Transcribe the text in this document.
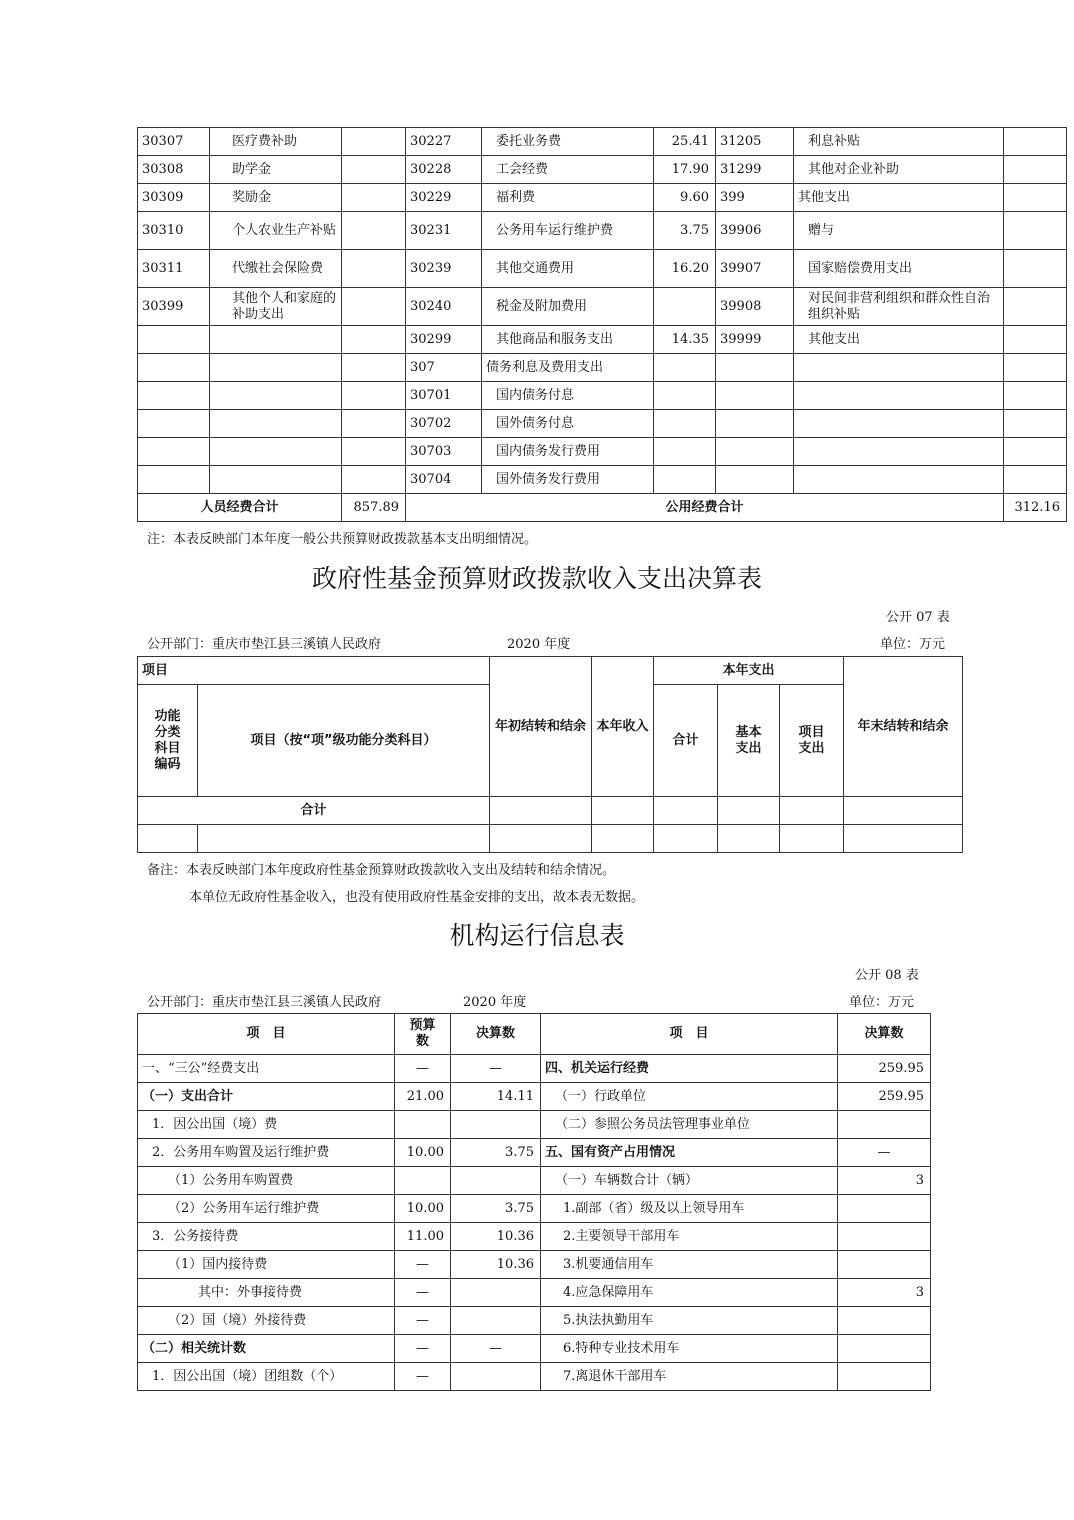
30307	医疗费补助		30227	委托业务费	25.41	31205	利息补贴	
30308	助学金		30228	工会经费	17.90	31299	其他对企业补助	
30309	奖励金		30229	福利费	9.60	399	其他支出	
30310	个人农业生产补贴		30231	公务用车运行维护费	3.75	39906	赠与	
30311	代缴社会保险费		30239	其他交通费用	16.20	39907	国家赔偿费用支出	
30399	其他个人和家庭的补助支出		30240	税金及附加费用		39908	对民间非营利组织和群众性自治组织补贴	
			30299	其他商品和服务支出	14.35	39999	其他支出	
			307	债务利息及费用支出				
			30701	国内债务付息				
			30702	国外债务付息				
			30703	国内债务发行费用				
			30704	国外债务发行费用				
人员经费合计		857.89	公用经费合计					312.16
注：本表反映部门本年度一般公共预算财政拨款基本支出明细情况。
政府性基金预算财政拨款收入支出决算表
公开 07 表
公开部门：重庆市垫江县三溪镇人民政府	2020 年度	单位：万元
项目		年初结转和结余	本年收入	本年支出			年末结转和结余
功能分类科目编码	项目（按“项”级功能分类科目）			合计	基本支出	项目支出	
合计							

备注：本表反映部门本年度政府性基金预算财政拨款收入支出及结转和结余情况。
本单位无政府性基金收入，也没有使用政府性基金安排的支出，故本表无数据。
机构运行信息表
公开 08 表
公开部门：重庆市垫江县三溪镇人民政府	2020 年度	单位：万元
项　目	预算数	决算数	项　目	决算数
一、“三公”经费支出	—	—	四、机关运行经费	259.95
（一）支出合计	21.00	14.11	（一）行政单位	259.95
1．因公出国（境）费			（二）参照公务员法管理事业单位	
2．公务用车购置及运行维护费	10.00	3.75	五、国有资产占用情况	—
（1）公务用车购置费			（一）车辆数合计（辆）	3
（2）公务用车运行维护费	10.00	3.75	1.副部（省）级及以上领导用车	
3．公务接待费	11.00	10.36	2.主要领导干部用车	
（1）国内接待费	—	10.36	3.机要通信用车	
其中：外事接待费	—		4.应急保障用车	3
（2）国（境）外接待费	—		5.执法执勤用车	
（二）相关统计数	—	—	6.特种专业技术用车	
1．因公出国（境）团组数（个）	—		7.离退休干部用车	
